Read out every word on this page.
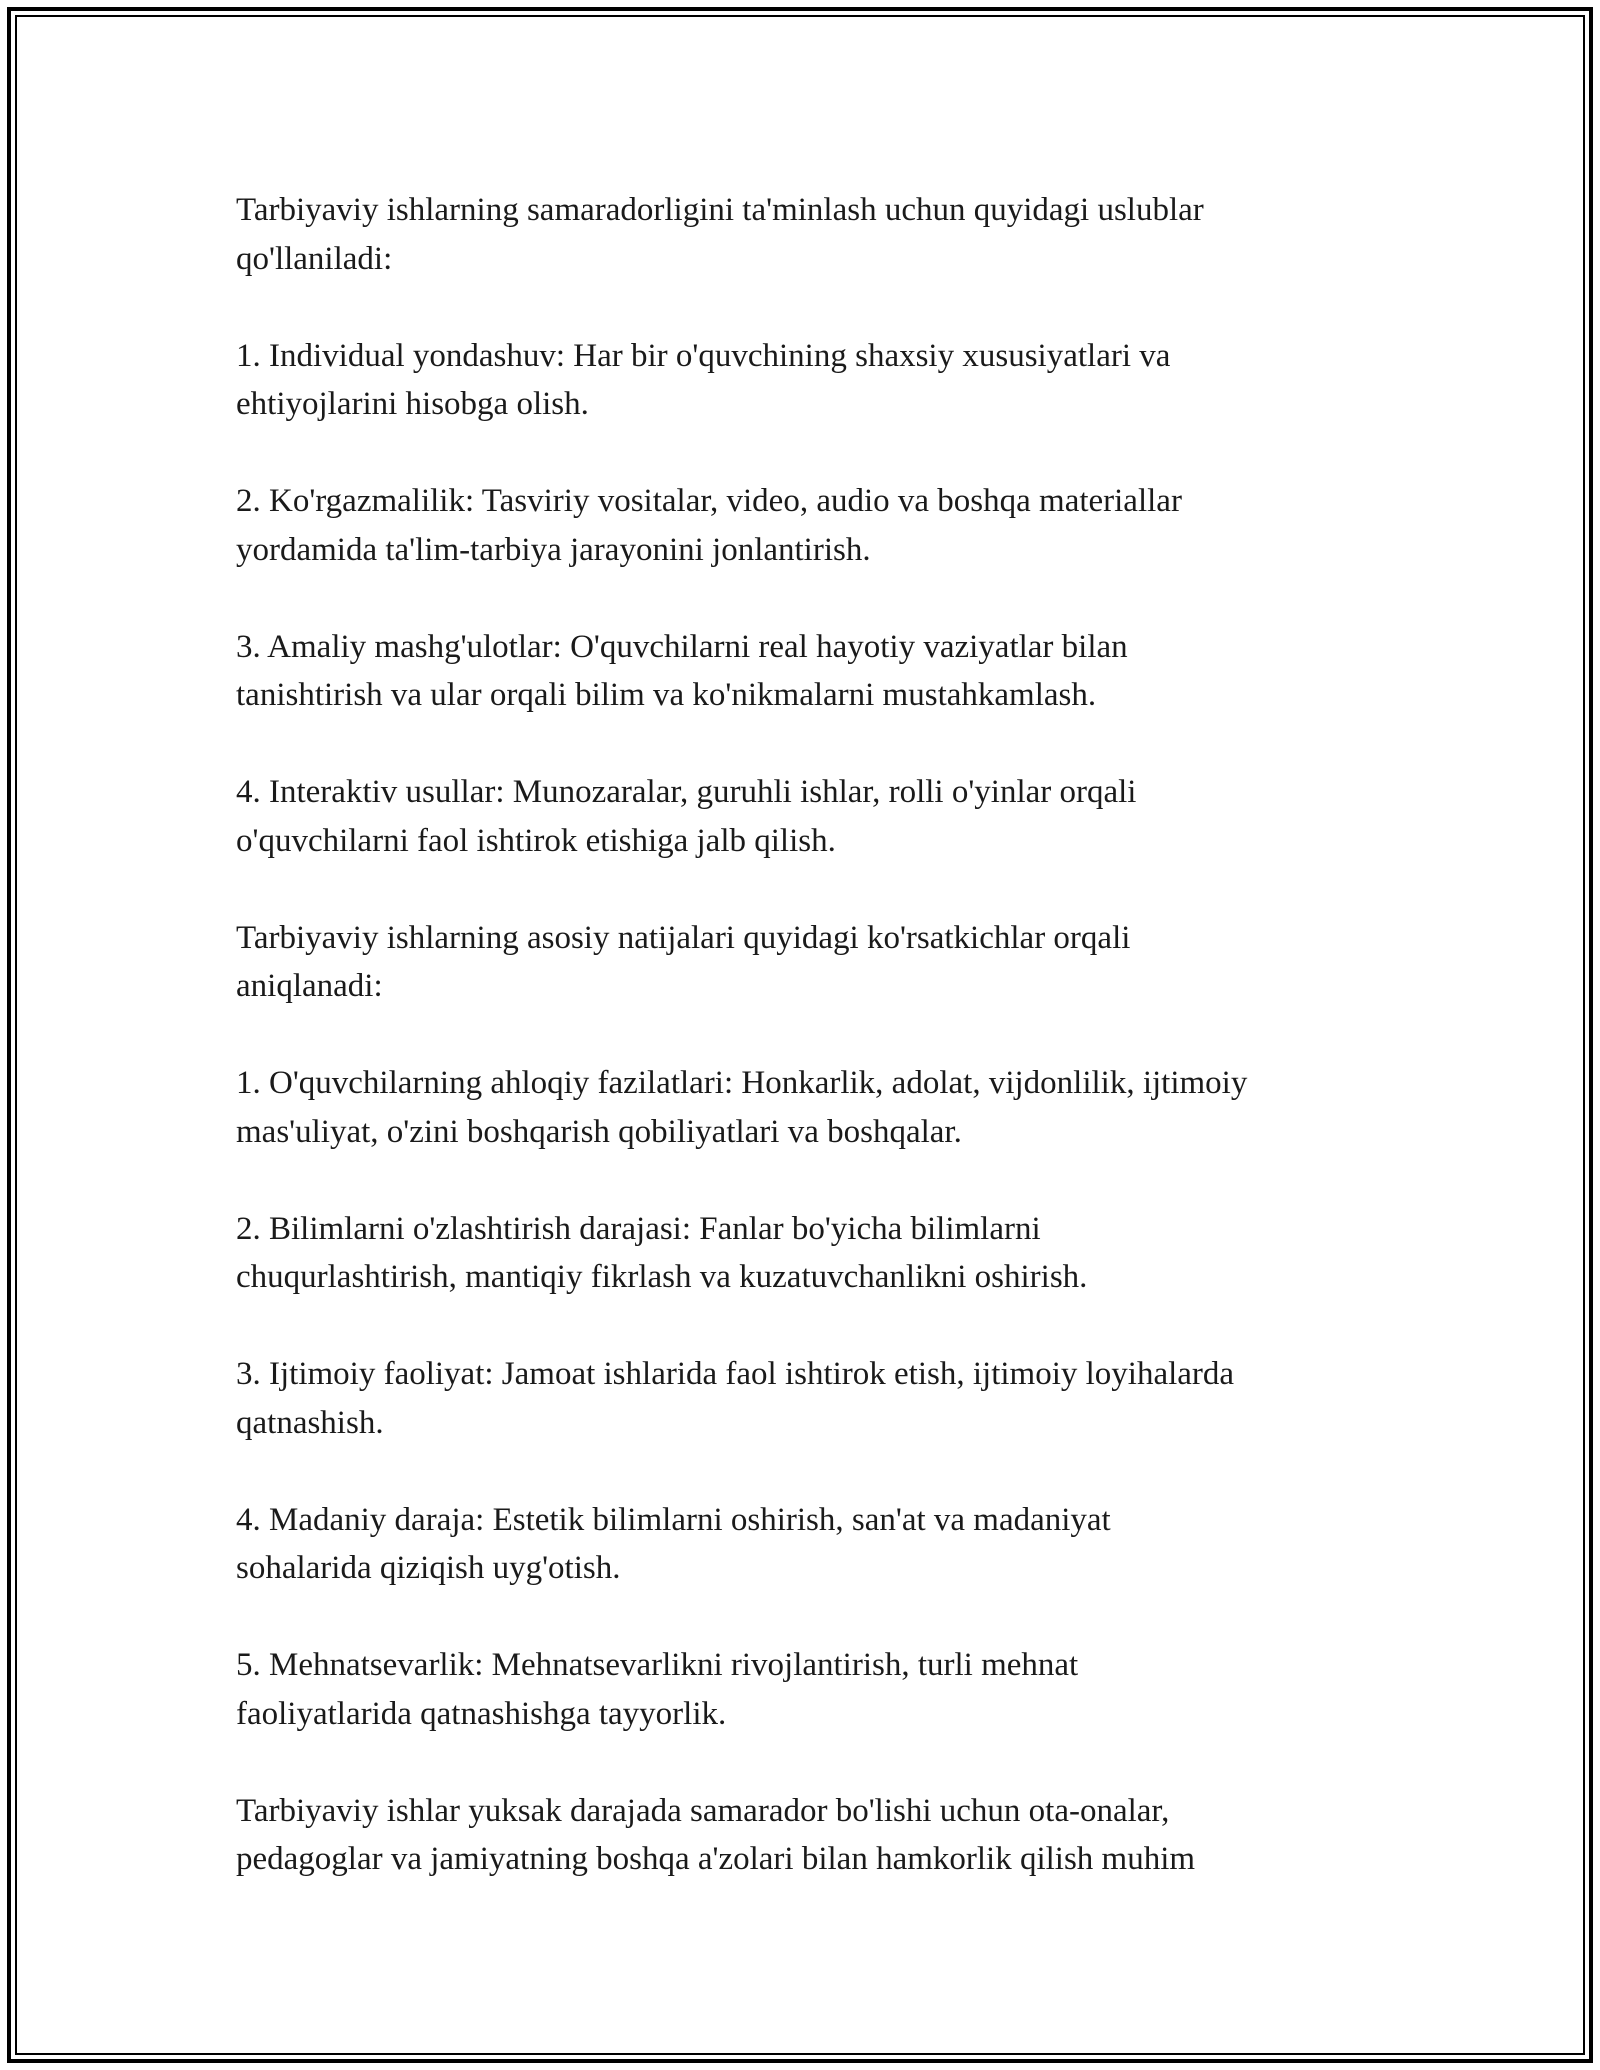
Tarbiyaviy ishlarning samaradorligini ta'minlash uchun quyidagi uslublar
qo'llaniladi:

1. Individual yondashuv: Har bir o'quvchining shaxsiy xususiyatlari va
ehtiyojlarini hisobga olish.

2. Ko'rgazmalilik: Tasviriy vositalar, video, audio va boshqa materiallar
yordamida ta'lim-tarbiya jarayonini jonlantirish.

3. Amaliy mashg'ulotlar: O'quvchilarni real hayotiy vaziyatlar bilan
tanishtirish va ular orqali bilim va ko'nikmalarni mustahkamlash.

4. Interaktiv usullar: Munozaralar, guruhli ishlar, rolli o'yinlar orqali
o'quvchilarni faol ishtirok etishiga jalb qilish.

Tarbiyaviy ishlarning asosiy natijalari quyidagi ko'rsatkichlar orqali
aniqlanadi:

1. O'quvchilarning ahloqiy fazilatlari: Honkarlik, adolat, vijdonlilik, ijtimoiy
mas'uliyat, o'zini boshqarish qobiliyatlari va boshqalar.

2. Bilimlarni o'zlashtirish darajasi: Fanlar bo'yicha bilimlarni
chuqurlashtirish, mantiqiy fikrlash va kuzatuvchanlikni oshirish.

3. Ijtimoiy faoliyat: Jamoat ishlarida faol ishtirok etish, ijtimoiy loyihalarda
qatnashish.

4. Madaniy daraja: Estetik bilimlarni oshirish, san'at va madaniyat
sohalarida qiziqish uyg'otish.

5. Mehnatsevarlik: Mehnatsevarlikni rivojlantirish, turli mehnat
faoliyatlarida qatnashishga tayyorlik.

Tarbiyaviy ishlar yuksak darajada samarador bo'lishi uchun ota-onalar,
pedagoglar va jamiyatning boshqa a'zolari bilan hamkorlik qilish muhim
